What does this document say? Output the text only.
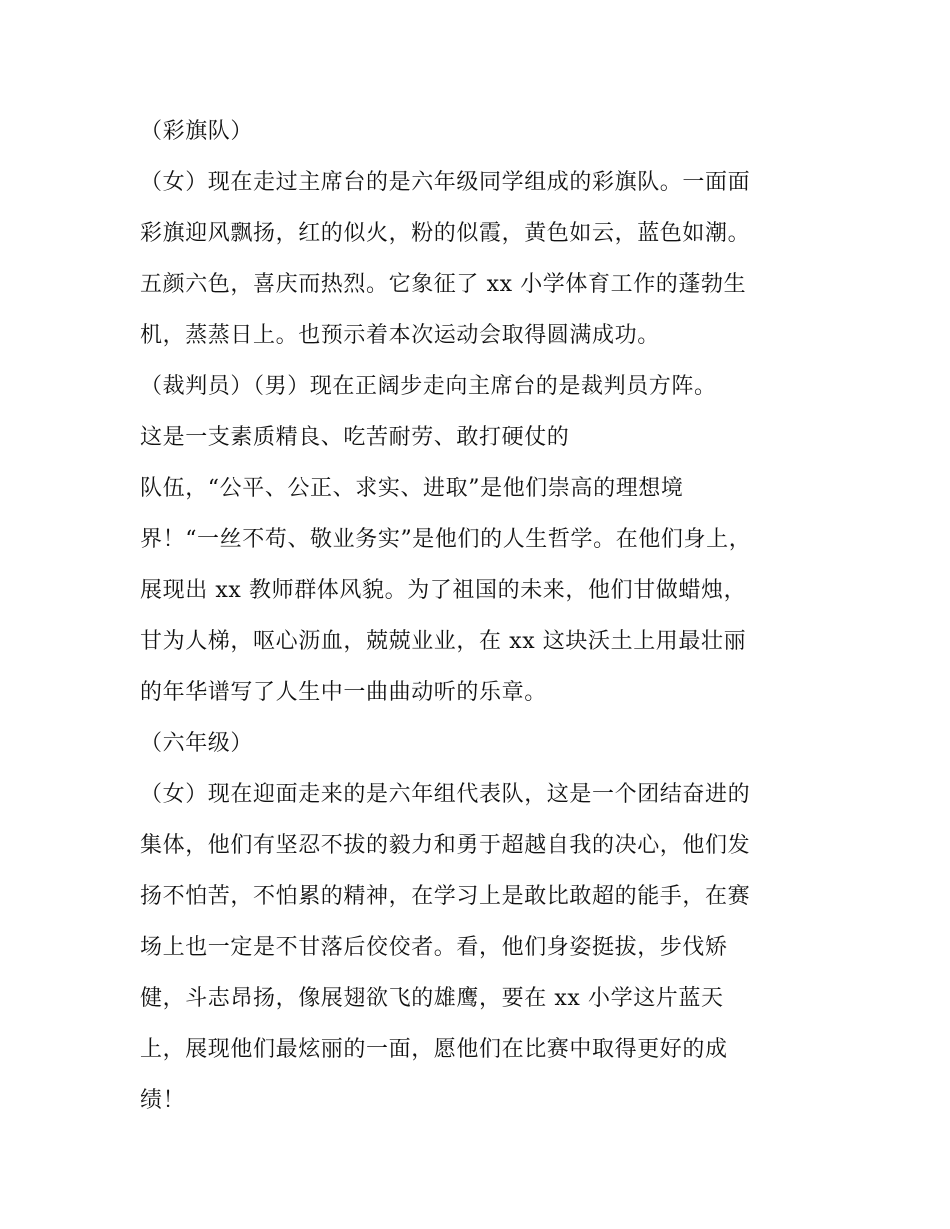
（彩旗队）
（女）现在走过主席台的是六年级同学组成的彩旗队。一面面
彩旗迎风飘扬，红的似火，粉的似霞，黄色如云，蓝色如潮。
五颜六色，喜庆而热烈。它象征了 xx 小学体育工作的蓬勃生
机，蒸蒸日上。也预示着本次运动会取得圆满成功。
（裁判员）（男）现在正阔步走向主席台的是裁判员方阵。
这是一支素质精良、吃苦耐劳、敢打硬仗的
队伍，“公平、公正、求实、进取”是他们崇高的理想境
界！“一丝不苟、敬业务实”是他们的人生哲学。在他们身上，
展现出 xx 教师群体风貌。为了祖国的未来，他们甘做蜡烛，
甘为人梯，呕心沥血，兢兢业业，在 xx 这块沃土上用最壮丽
的年华谱写了人生中一曲曲动听的乐章。
（六年级）
（女）现在迎面走来的是六年组代表队，这是一个团结奋进的
集体，他们有坚忍不拔的毅力和勇于超越自我的决心，他们发
扬不怕苦，不怕累的精神，在学习上是敢比敢超的能手，在赛
场上也一定是不甘落后佼佼者。看，他们身姿挺拔，步伐矫
健，斗志昂扬，像展翅欲飞的雄鹰，要在 xx 小学这片蓝天
上，展现他们最炫丽的一面，愿他们在比赛中取得更好的成
绩！
